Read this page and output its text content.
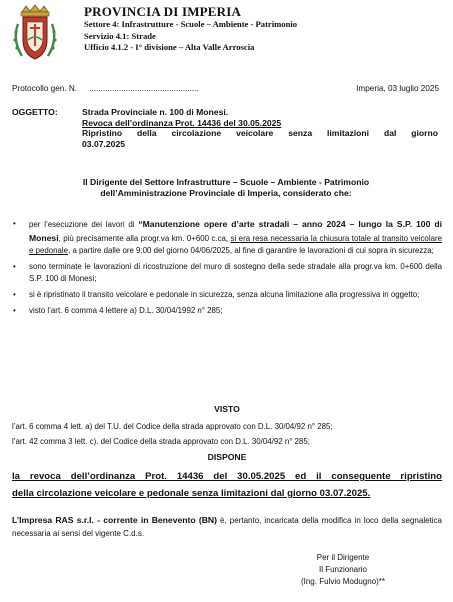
PROVINCIA DI IMPERIA
Settore 4: Infrastrutture - Scuole – Ambiente - Patrimonio
Servizio 4.1: Strade
Ufficio 4.1.2 - I° divisione – Alta Valle Arroscia
Protocollo gen. N. ................................................	Imperia, 03 luglio 2025
OGGETTO:	Strada Provinciale n. 100 di Monesi.
Revoca dell’ordinanza Prot. 14436 del 30.05.2025
Ripristino della circolazione veicolare senza limitazioni dal giorno
03.07.2025
Il Dirigente del Settore Infrastrutture – Scuole – Ambiente - Patrimonio
dell’Amministrazione Provinciale di Imperia, considerato che:
• per l’esecuzione dei lavori di “Manutenzione opere d’arte stradali – anno 2024 – lungo la S.P. 100 di Monesi, più precisamente alla progr.va km. 0+600 c.ca, si era resa necessaria la chiusura totale al transito veicolare e pedonale, a partire dalle ore 9:00 del giorno 04/06/2025, al fine di garantire le lavorazioni di cui sopra in sicurezza;
• sono terminate le lavorazioni di ricostruzione del muro di sostegno della sede stradale alla progr.va km. 0+600 della S.P. 100 di Monesi;
• si è ripristinato il transito veicolare e pedonale in sicurezza, senza alcuna limitazione alla progressiva in oggetto;
• visto l’art. 6 comma 4 lettere a) D.L. 30/04/1992 n° 285;
VISTO
l’art. 6 comma 4 lett. a) del T.U. del Codice della strada approvato con D.L. 30/04/92 n° 285;
l’art. 42 comma 3 lett. c). del Codice della strada approvato con D.L. 30/04/92 n° 285;
DISPONE
la revoca dell’ordinanza Prot. 14436 del 30.05.2025 ed il conseguente ripristino
della circolazione veicolare e pedonale senza limitazioni dal giorno 03.07.2025.
L’Impresa RAS s.r.l. - corrente in Benevento (BN) è, pertanto, incaricata della modifica in loco della segnaletica necessaria ai sensi del vigente C.d.s.
Per il Dirigente
Il Funzionario
(Ing. Fulvio Modugno)**
